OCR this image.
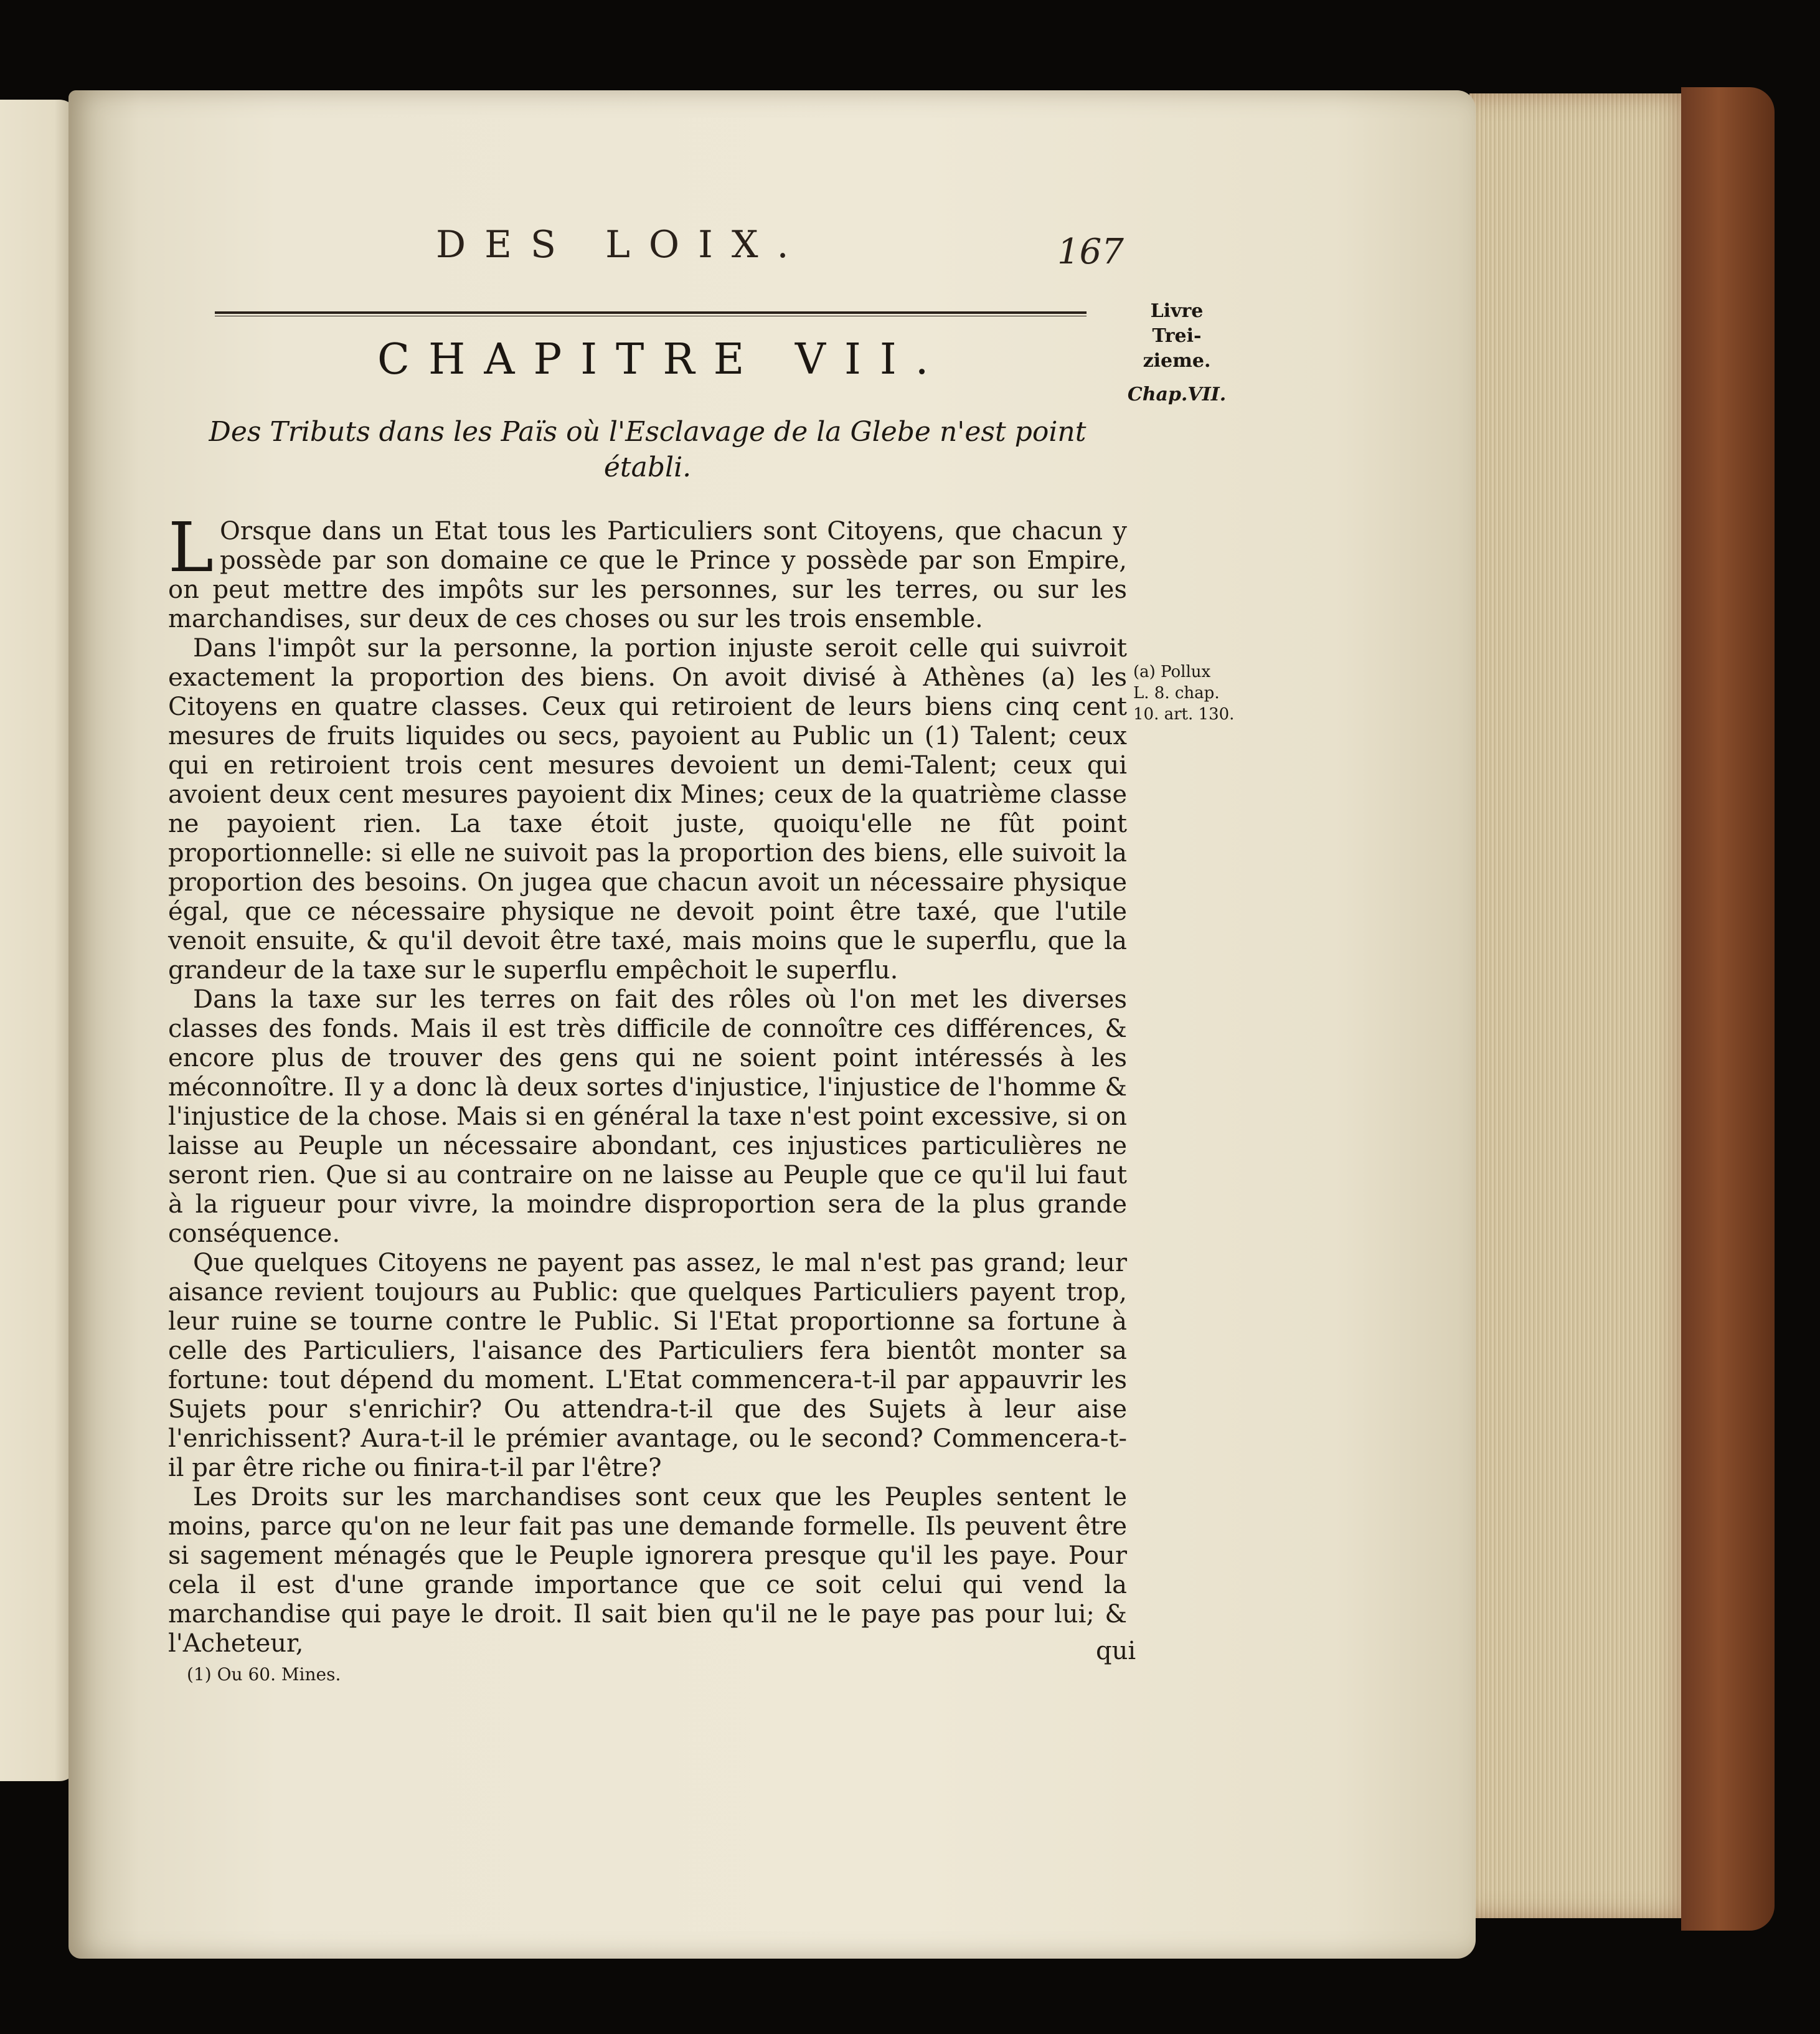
DES LOIX.	167
CHAPITRE VII.
Des Tributs dans les Païs où l'Esclavage de la Glebe n'est point établi.
Livre
Trei-
zieme.
Chap.VII.
(a) Pollux
L. 8. chap.
10. art. 130.

L Orsque dans un Etat tous les Particuliers sont Citoyens, que chacun y possède par son domaine ce que le Prince y possède par son Empire, on peut mettre des impôts sur les personnes, sur les terres, ou sur les marchandises, sur deux de ces choses ou sur les trois ensemble.

Dans l'impôt sur la personne, la portion injuste seroit celle qui suivroit exactement la proportion des biens. On avoit divisé à Athènes (a) les Citoyens en quatre classes. Ceux qui retiroient de leurs biens cinq cent mesures de fruits liquides ou secs, payoient au Public un (1) Talent; ceux qui en retiroient trois cent mesures devoient un demi-Talent; ceux qui avoient deux cent mesures payoient dix Mines; ceux de la quatrième classe ne payoient rien. La taxe étoit juste, quoiqu'elle ne fût point proportionnelle: si elle ne suivoit pas la proportion des biens, elle suivoit la proportion des besoins. On jugea que chacun avoit un nécessaire physique égal, que ce nécessaire physique ne devoit point être taxé, que l'utile venoit ensuite, & qu'il devoit être taxé, mais moins que le superflu, que la grandeur de la taxe sur le superflu empêchoit le superflu.

Dans la taxe sur les terres on fait des rôles où l'on met les diverses classes des fonds. Mais il est très difficile de connoître ces différences, & encore plus de trouver des gens qui ne soient point intéressés à les méconnoître. Il y a donc là deux sortes d'injustice, l'injustice de l'homme & l'injustice de la chose. Mais si en général la taxe n'est point excessive, si on laisse au Peuple un nécessaire abondant, ces injustices particulières ne seront rien. Que si au contraire on ne laisse au Peuple que ce qu'il lui faut à la rigueur pour vivre, la moindre disproportion sera de la plus grande conséquence.

Que quelques Citoyens ne payent pas assez, le mal n'est pas grand; leur aisance revient toujours au Public: que quelques Particuliers payent trop, leur ruine se tourne contre le Public. Si l'Etat proportionne sa fortune à celle des Particuliers, l'aisance des Particuliers fera bientôt monter sa fortune: tout dépend du moment. L'Etat commencera-t-il par appauvrir les Sujets pour s'enrichir? Ou attendra-t-il que des Sujets à leur aise l'enrichissent? Aura-t-il le prémier avantage, ou le second? Commencera-t-il par être riche ou finira-t-il par l'être?

Les Droits sur les marchandises sont ceux que les Peuples sentent le moins, parce qu'on ne leur fait pas une demande formelle. Ils peuvent être si sagement ménagés que le Peuple ignorera presque qu'il les paye. Pour cela il est d'une grande importance que ce soit celui qui vend la marchandise qui paye le droit. Il sait bien qu'il ne le paye pas pour lui; & l'Acheteur,	qui
(1) Ou 60. Mines.
